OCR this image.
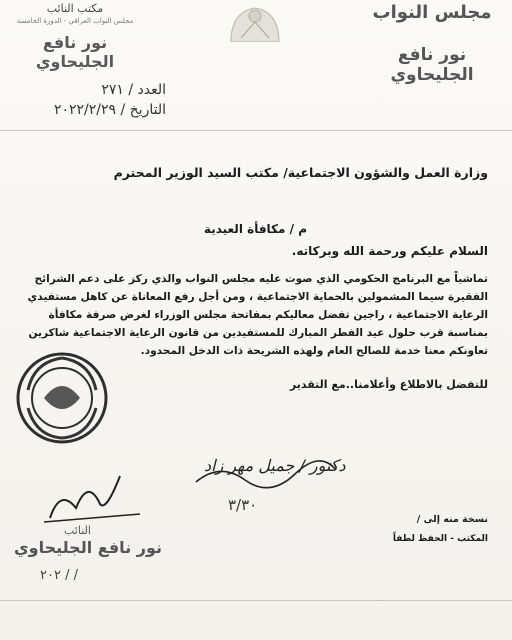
مكتب النائب
مجلس النواب العراقي - الدورة الخامسة
نور نافع الجليحاوي
مجلس النواب
نور نافع الجليحاوي
العدد / ٢٧١
التاريخ / ٢٠٢٢/٢/٢٩
وزارة العمل والشؤون الاجتماعية/ مكتب السيد الوزير المحترم
م / مكافأة العيدية
السلام عليكم ورحمة الله وبركاته.
تماشياً مع البرنامج الحكومي الذي صوت عليه مجلس النواب والذي ركز على دعم الشرائح
الفقيرة سيما المشمولين بالحماية الاجتماعية ، ومن أجل رفع المعاناة عن كاهل مستفيدي
الرعاية الاجتماعية ، راجين تفضل معاليكم بمفاتحة مجلس الوزراء لغرض صرفة مكافأة
بمناسبة قرب حلول عيد الفطر المبارك للمستفيدين من قانون الرعاية الاجتماعية شاكرين
تعاونكم معنا خدمة للصالح العام ولهذه الشريحة ذات الدخل المحدود.
للتفضل بالاطلاع وأعلامنا..مع التقدير
دكتور / جميل مهر زاد
٣/٣٠
نسخة منه إلى /
المكتب - الحفظ لطفاً
النائب
نور نافع الجليحاوي
٢٠٢ / /
